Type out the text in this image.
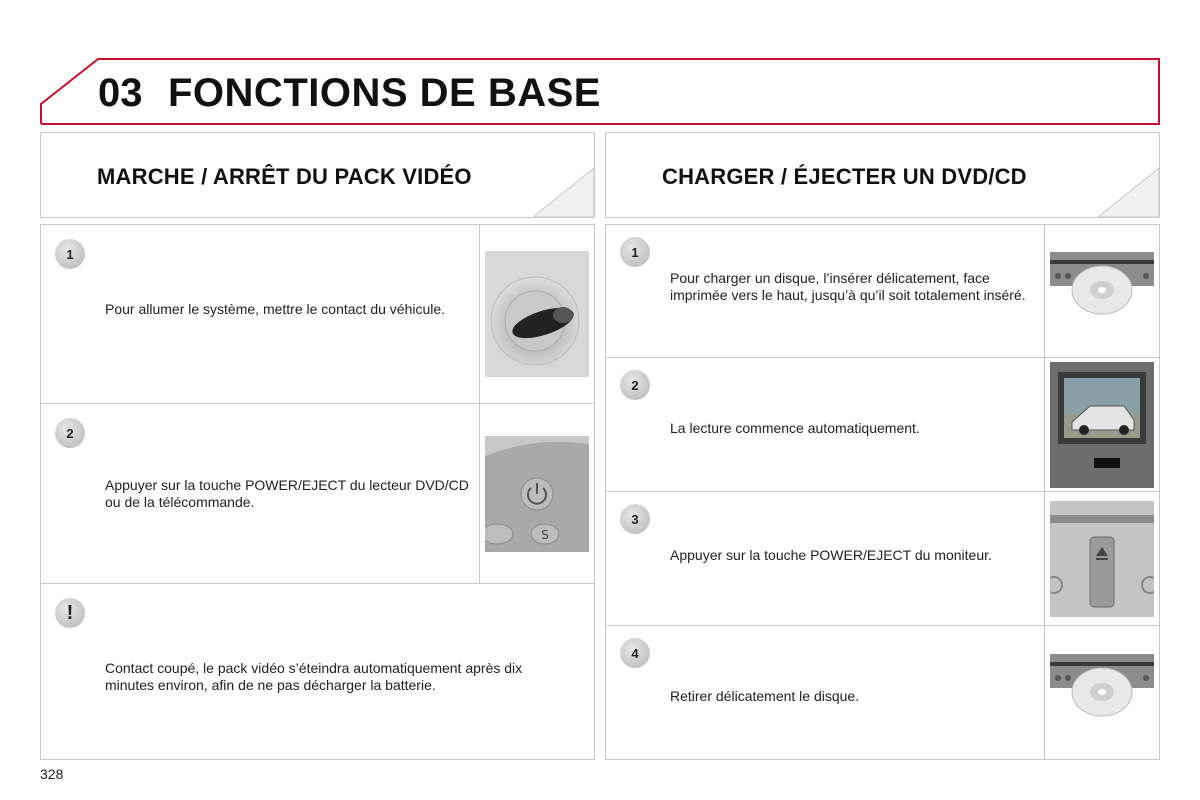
03 FONCTIONS DE BASE
MARCHE / ARRÊT DU PACK VIDÉO
1
Pour allumer le système, mettre le contact du véhicule.
2
Appuyer sur la touche POWER/EJECT du lecteur DVD/CD ou de la télécommande.
S
!
Contact coupé, le pack vidéo s’éteindra automatiquement après dix minutes environ, afin de ne pas décharger la batterie.
CHARGER / ÉJECTER UN DVD/CD
1
Pour charger un disque, l’insérer délicatement, face imprimée vers le haut, jusqu’à qu’il soit totalement inséré.
2
La lecture commence automatiquement.
3
Appuyer sur la touche POWER/EJECT du moniteur.
4
Retirer délicatement le disque.
328
